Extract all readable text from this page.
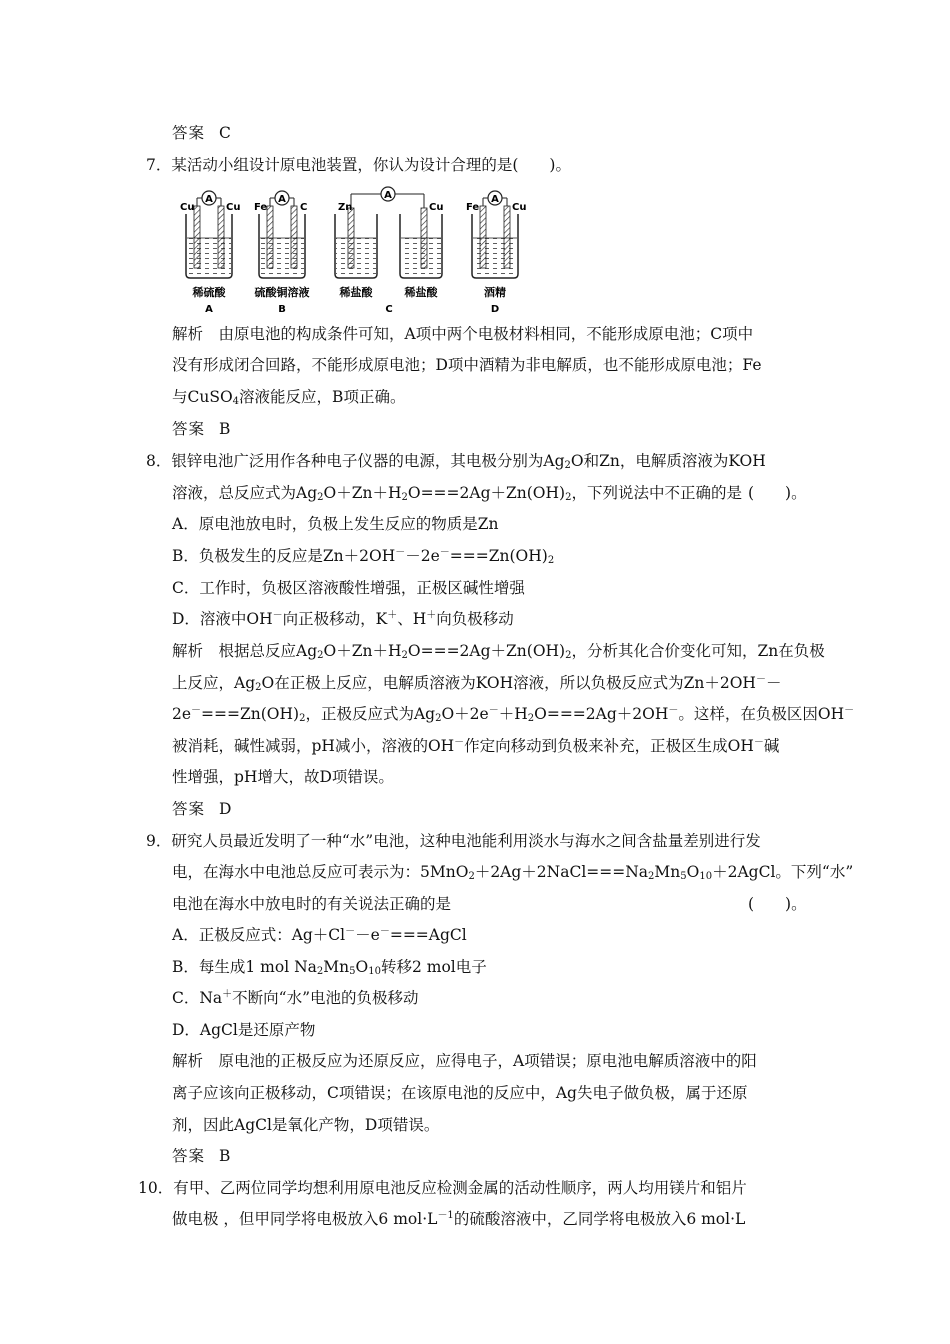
答案 C
7．某活动小组设计原电池装置，你认为设计合理的是(　　)。
A
Cu	Cu
稀硫酸
A
A
Fe	C
硫酸铜溶液
B
A
Zn	Cu
稀盐酸	稀盐酸
C
A
Fe	Cu
酒精
D
解析　 由原电池的构成条件可知，A项中两个电极材料相同，不能形成原电池；C项中
没有形成闭合回路，不能形成原电池；D项中酒精为非电解质，也不能形成原电池；Fe
与CuSO$_4$溶液能反应，B项正确。
答案 B
8．银锌电池广泛用作各种电子仪器的电源，其电极分别为$Ag_2O$和Zn，电解质溶液为KOH
溶液，总反应式为$Ag_2O+Zn+H_2O===2Ag+Zn(OH)_2$，下列说法中不正确的是 (　　)。
A．原电池放电时，负极上发生反应的物质是Zn
B．负极发生的反应是$Zn+2OH^--2e^-===Zn(OH)_2$
C．工作时，负极区溶液酸性增强，正极区碱性增强
D．溶液中OH－向正极移动，K＋、H＋向负极移动
解析　 根据总反应$Ag_2O+Zn+H_2O===2Ag+Zn(OH)_2$，分析其化合价变化可知，Zn在负极
上反应，$Ag_2O$在正极上反应，电解质溶液为KOH溶液，所以负极反应式为Zn＋2OH－－
$2e^-===Zn(OH)_2$，正极反应式为$Ag_2O+2e^-+H_2O===2Ag+2OH^-$。这样，在负极区因OH－
被消耗，碱性减弱，pH减小，溶液的OH－作定向移动到负极来补充，正极区生成OH－碱
性增强，pH增大，故D项错误。
答案 D
9．研究人员最近发明了一种“水”电池，这种电池能利用淡水与海水之间含盐量差别进行发
电，在海水中电池总反应可表示为：$5MnO_2+2Ag+2NaCl===Na_2Mn_5O_{10}+2AgCl$。下列“水”
电池在海水中放电时的有关说法正确的是	(　　)。
A．正极反应式：Ag＋Cl－－e－===AgCl
B．每生成1 mol $Na_2Mn_5O_{10}$转移2 mol电子
C．Na＋不断向“水”电池的负极移动
D．AgCl是还原产物
解析　 原电池的正极反应为还原反应，应得电子，A项错误；原电池电解质溶液中的阳
离子应该向正极移动，C项错误；在该原电池的反应中，Ag失电子做负极，属于还原
剂，因此AgCl是氧化产物，D项错误。
答案 B
10．有甲、乙两位同学均想利用原电池反应检测金属的活动性顺序，两人均用镁片和铝片
做电极 ，但甲同学将电极放入6 $mol\cdot L^{-1}$的硫酸溶液中，乙同学将电极放入6 mol·L
